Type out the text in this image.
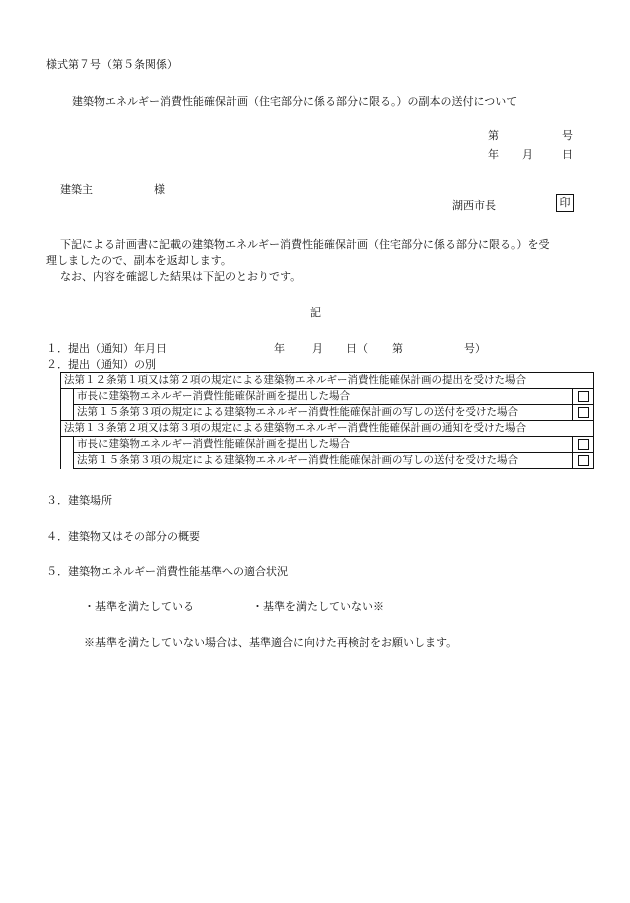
様式第７号（第５条関係）
建築物エネルギー消費性能確保計画（住宅部分に係る部分に限る。）の副本の送付について
第	号
年 月	日
建築主	様
湖西市長	印
下記による計画書に記載の建築物エネルギー消費性能確保計画（住宅部分に係る部分に限る。）を受
理しましたので、副本を返却します。
なお、内容を確認した結果は下記のとおりです。
記
１．提出（通知）年月日	年 月 日（ 第	号）
２．提出（通知）の別
法第１２条第１項又は第２項の規定による建築物エネルギー消費性能確保計画の提出を受けた場合		
	市長に建築物エネルギー消費性能確保計画を提出した場合	
	法第１５条第３項の規定による建築物エネルギー消費性能確保計画の写しの送付を受けた場合	
法第１３条第２項又は第３項の規定による建築物エネルギー消費性能確保計画の通知を受けた場合		
	市長に建築物エネルギー消費性能確保計画を提出した場合	
	法第１５条第３項の規定による建築物エネルギー消費性能確保計画の写しの送付を受けた場合	
３．建築場所
４．建築物又はその部分の概要
５．建築物エネルギー消費性能基準への適合状況
・基準を満たしている	・基準を満たしていない※
※基準を満たしていない場合は、基準適合に向けた再検討をお願いします。
